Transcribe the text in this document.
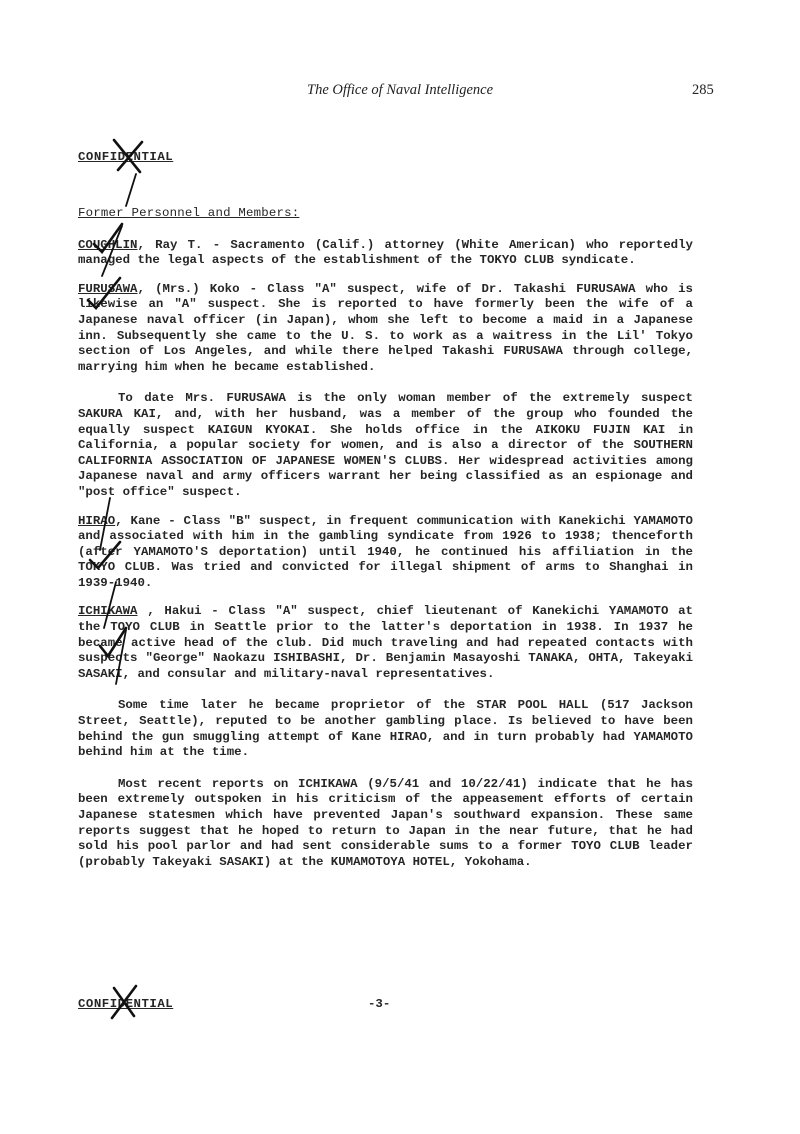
The Office of Naval Intelligence	285
CONFIDENTIAL
Former Personnel and Members:

COUGHLIN, Ray T. - Sacramento (Calif.) attorney (White American) who reportedly managed the legal aspects of the establishment of the TOKYO CLUB syndicate.

FURUSAWA, (Mrs.) Koko - Class "A" suspect, wife of Dr. Takashi FURUSAWA who is likewise an "A" suspect. She is reported to have formerly been the wife of a Japanese naval officer (in Japan), whom she left to become a maid in a Japanese inn. Subsequently she came to the U. S. to work as a waitress in the Lil' Tokyo section of Los Angeles, and while there helped Takashi FURUSAWA through college, marrying him when he became established.

To date Mrs. FURUSAWA is the only woman member of the extremely suspect SAKURA KAI, and, with her husband, was a member of the group who founded the equally suspect KAIGUN KYOKAI. She holds office in the AIKOKU FUJIN KAI in California, a popular society for women, and is also a director of the SOUTHERN CALIFORNIA ASSOCIATION OF JAPANESE WOMEN'S CLUBS. Her widespread activities among Japanese naval and army officers warrant her being classified as an espionage and "post office" suspect.

HIRAO, Kane - Class "B" suspect, in frequent communication with Kanekichi YAMAMOTO and associated with him in the gambling syndicate from 1926 to 1938; thenceforth (after YAMAMOTO'S deportation) until 1940, he continued his affiliation in the TOKYO CLUB. Was tried and convicted for illegal shipment of arms to Shanghai in 1939-1940.

ICHIKAWA , Hakui - Class "A" suspect, chief lieutenant of Kanekichi YAMAMOTO at the TOYO CLUB in Seattle prior to the latter's deportation in 1938. In 1937 he became active head of the club. Did much traveling and had repeated contacts with suspects "George" Naokazu ISHIBASHI, Dr. Benjamin Masayoshi TANAKA, OHTA, Takeyaki SASAKI, and consular and military-naval representatives.

Some time later he became proprietor of the STAR POOL HALL (517 Jackson Street, Seattle), reputed to be another gambling place. Is believed to have been behind the gun smuggling attempt of Kane HIRAO, and in turn probably had YAMAMOTO behind him at the time.

Most recent reports on ICHIKAWA (9/5/41 and 10/22/41) indicate that he has been extremely outspoken in his criticism of the appeasement efforts of certain Japanese statesmen which have prevented Japan's southward expansion. These same reports suggest that he hoped to return to Japan in the near future, that he had sold his pool parlor and had sent considerable sums to a former TOYO CLUB leader (probably Takeyaki SASAKI) at the KUMAMOTOYA HOTEL, Yokohama.

CONFIDENTIAL	-3-
